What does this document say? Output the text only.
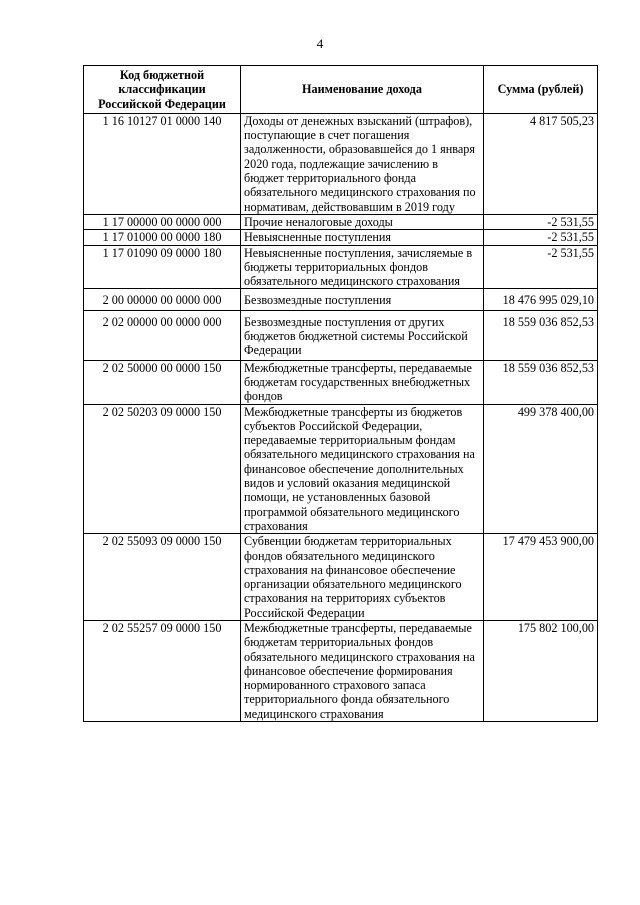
4
Код бюджетной классификации Российской Федерации	Наименование дохода	Сумма (рублей)
1 16 10127 01 0000 140	Доходы от денежных взысканий (штрафов), поступающие в счет погашения задолженности, образовавшейся до 1 января 2020 года, подлежащие зачислению в бюджет территориального фонда обязательного медицинского страхования по нормативам, действовавшим в 2019 году	4 817 505,23
1 17 00000 00 0000 000	Прочие неналоговые доходы	-2 531,55
1 17 01000 00 0000 180	Невыясненные поступления	-2 531,55
1 17 01090 09 0000 180	Невыясненные поступления, зачисляемые в бюджеты территориальных фондов обязательного медицинского страхования	-2 531,55
2 00 00000 00 0000 000	Безвозмездные поступления	18 476 995 029,10
2 02 00000 00 0000 000	Безвозмездные поступления от других бюджетов бюджетной системы Российской Федерации	18 559 036 852,53
2 02 50000 00 0000 150	Межбюджетные трансферты, передаваемые бюджетам государственных внебюджетных фондов	18 559 036 852,53
2 02 50203 09 0000 150	Межбюджетные трансферты из бюджетов субъектов Российской Федерации, передаваемые территориальным фондам обязательного медицинского страхования на финансовое обеспечение дополнительных видов и условий оказания медицинской помощи, не установленных базовой программой обязательного медицинского страхования	499 378 400,00
2 02 55093 09 0000 150	Субвенции бюджетам территориальных фондов обязательного медицинского страхования на финансовое обеспечение организации обязательного медицинского страхования на территориях субъектов Российской Федерации	17 479 453 900,00
2 02 55257 09 0000 150	Межбюджетные трансферты, передаваемые бюджетам территориальных фондов обязательного медицинского страхования на финансовое обеспечение формирования нормированного страхового запаса территориального фонда обязательного медицинского страхования	175 802 100,00
